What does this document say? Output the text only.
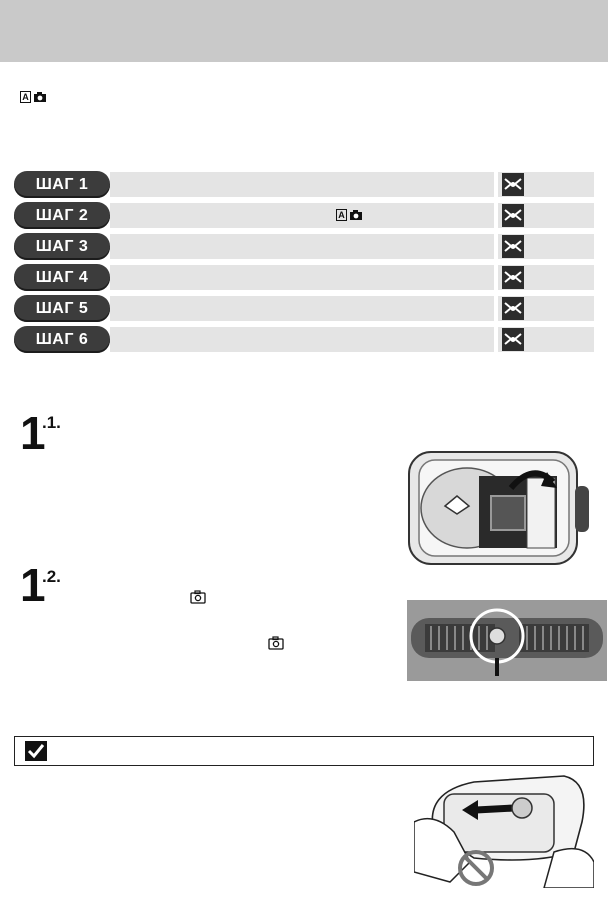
A
ШАГ 1
ШАГ 2	A
ШАГ 3
ШАГ 4
ШАГ 5
ШАГ 6
1
.1.
1
.2.
